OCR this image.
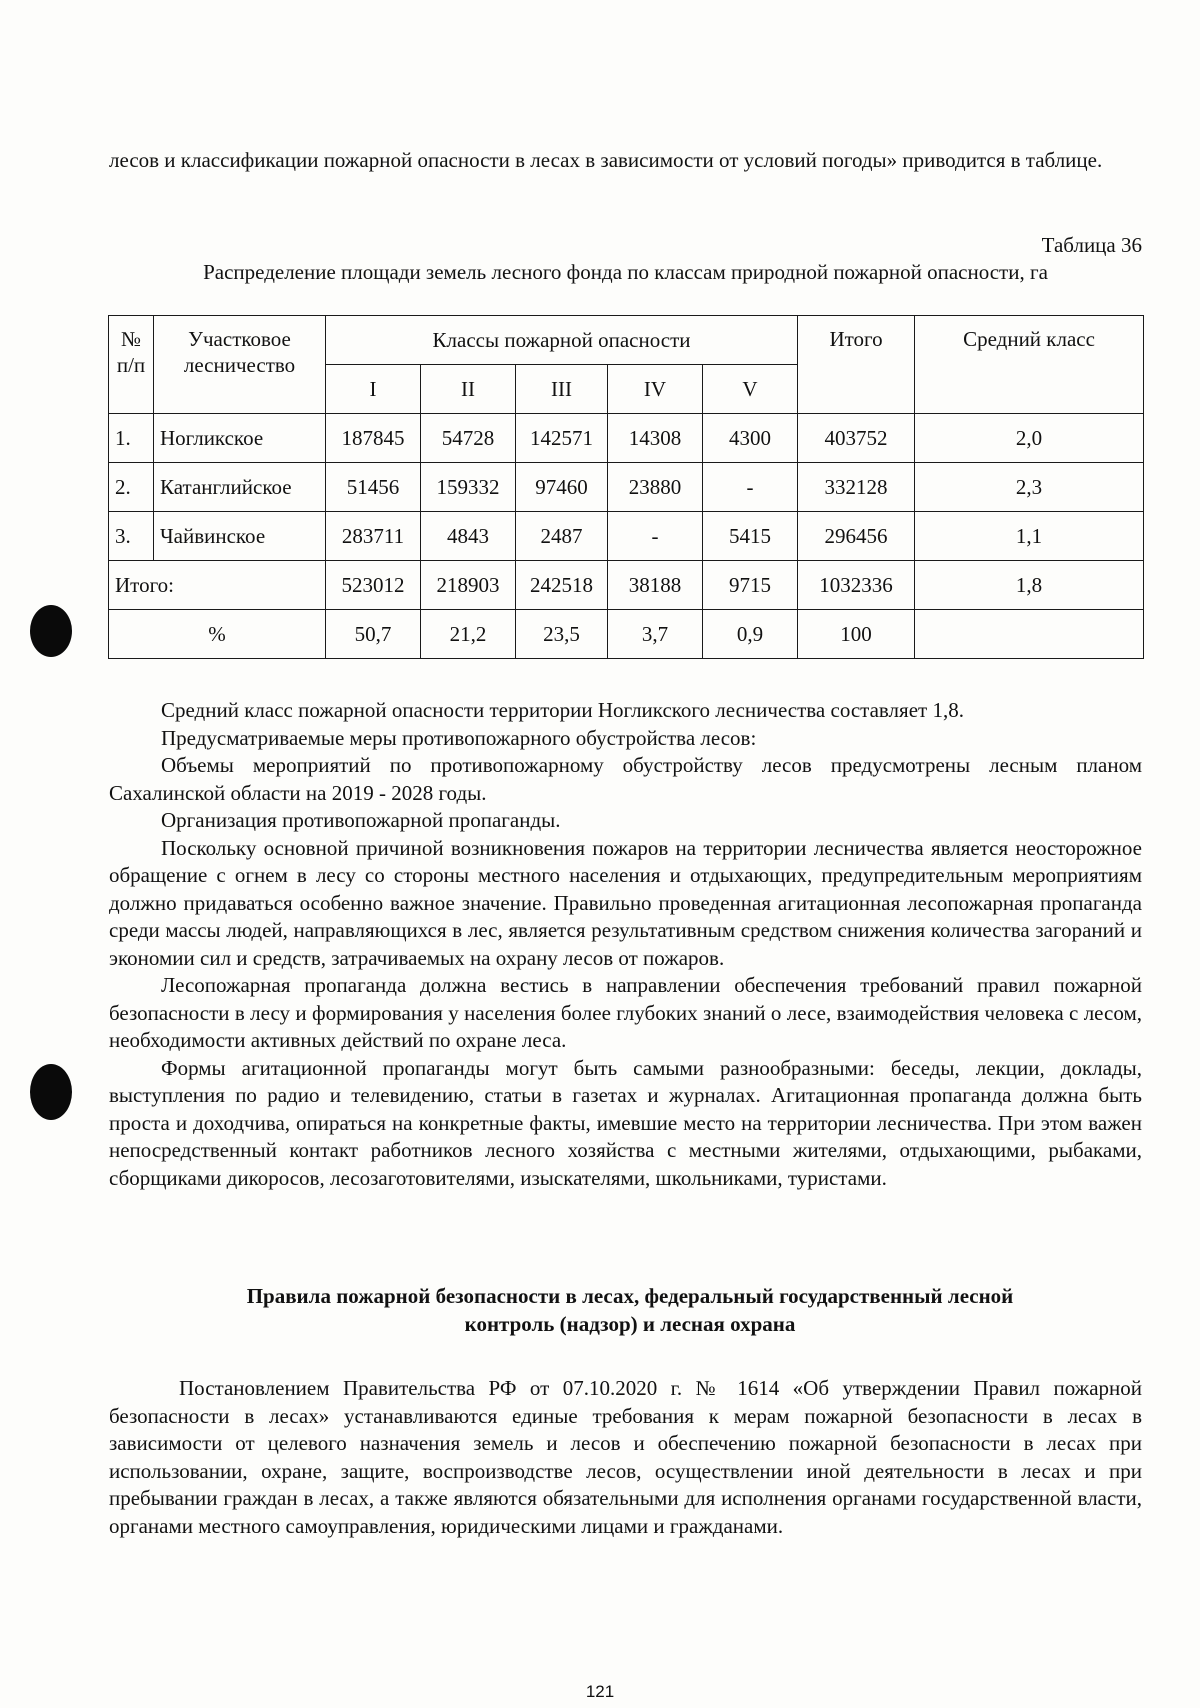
лесов и классификации пожарной опасности в лесах в зависимости от условий погоды» приводится в таблице.
Таблица 36
Распределение площади земель лесного фонда по классам природной пожарной опасности, га
№ п/п	Участковое лесничество	Классы пожарной опасности					Итого	Средний класс
		I	II	III	IV	V		
1.	Ногликское	187845	54728	142571	14308	4300	403752	2,0
2.	Катанглийское	51456	159332	97460	23880	-	332128	2,3
3.	Чайвинское	283711	4843	2487	-	5415	296456	1,1
Итого:		523012	218903	242518	38188	9715	1032336	1,8
%		50,7	21,2	23,5	3,7	0,9	100	
Средний класс пожарной опасности территории Ногликского лесничества составляет 1,8.
Предусматриваемые меры противопожарного обустройства лесов:
Объемы мероприятий по противопожарному обустройству лесов предусмотрены лесным планом Сахалинской области на 2019 - 2028 годы.
Организация противопожарной пропаганды.
Поскольку основной причиной возникновения пожаров на территории лесничества является неосторожное обращение с огнем в лесу со стороны местного населения и отдыхающих, предупредительным мероприятиям должно придаваться особенно важное значение. Правильно проведенная агитационная лесопожарная пропаганда среди массы людей, направляющихся в лес, является результативным средством снижения количества загораний и экономии сил и средств, затрачиваемых на охрану лесов от пожаров.
Лесопожарная пропаганда должна вестись в направлении обеспечения требований правил пожарной безопасности в лесу и формирования у населения более глубоких знаний о лесе, взаимодействия человека с лесом, необходимости активных действий по охране леса.
Формы агитационной пропаганды могут быть самыми разнообразными: беседы, лекции, доклады, выступления по радио и телевидению, статьи в газетах и журналах. Агитационная пропаганда должна быть проста и доходчива, опираться на конкретные факты, имевшие место на территории лесничества. При этом важен непосредственный контакт работников лесного хозяйства с местными жителями, отдыхающими, рыбаками, сборщиками дикоросов, лесозаготовителями, изыскателями, школьниками, туристами.
Правила пожарной безопасности в лесах, федеральный государственный лесной контроль (надзор) и лесная охрана
Постановлением Правительства РФ от 07.10.2020 г. № 1614 «Об утверждении Правил пожарной безопасности в лесах» устанавливаются единые требования к мерам пожарной безопасности в лесах в зависимости от целевого назначения земель и лесов и обеспечению пожарной безопасности в лесах при использовании, охране, защите, воспроизводстве лесов, осуществлении иной деятельности в лесах и при пребывании граждан в лесах, а также являются обязательными для исполнения органами государственной власти, органами местного самоуправления, юридическими лицами и гражданами.
121
